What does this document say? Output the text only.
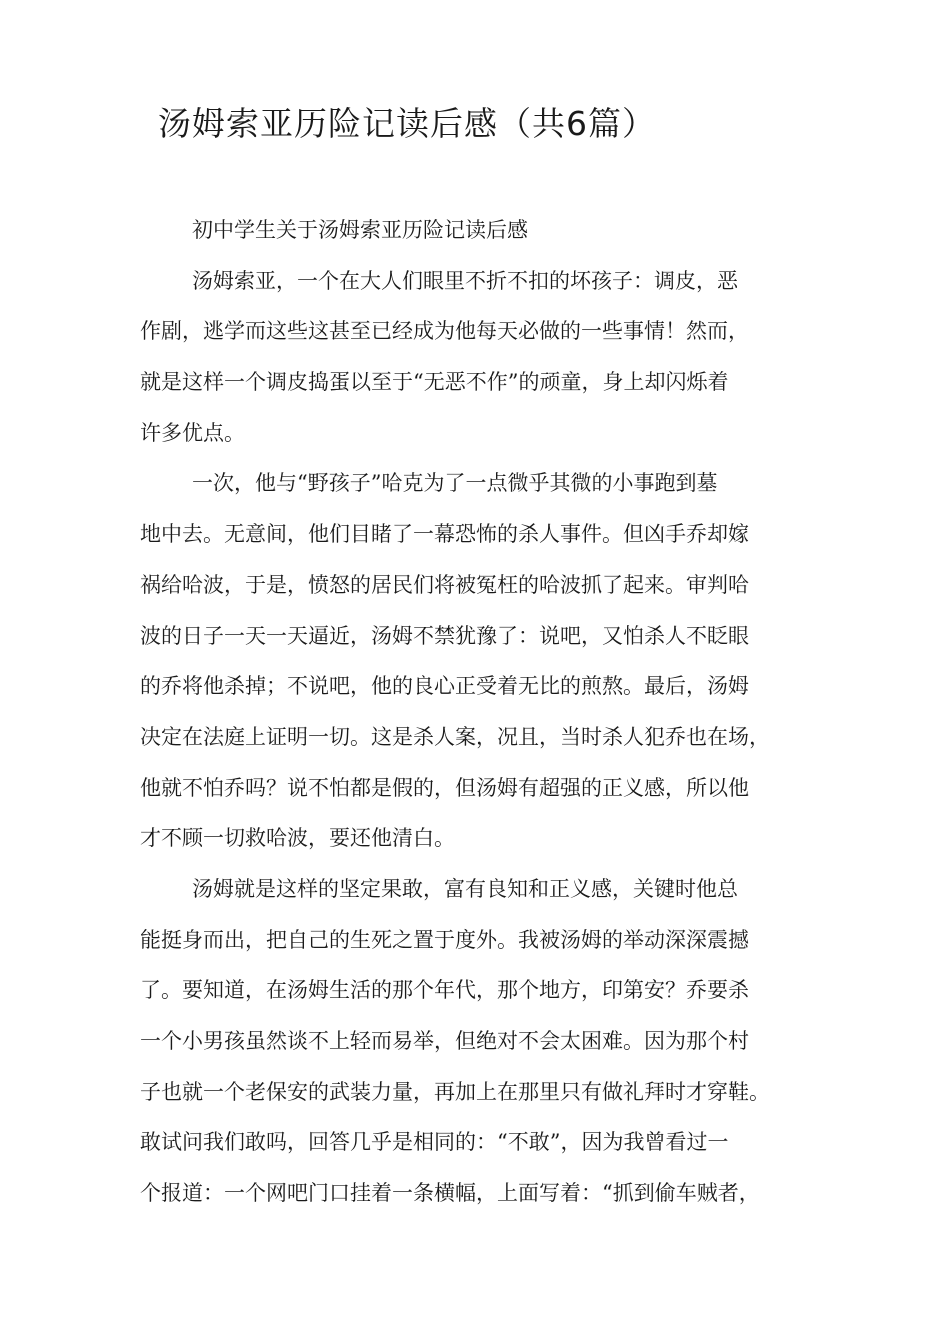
汤姆索亚历险记读后感（共6篇）
初中学生关于汤姆索亚历险记读后感
汤姆索亚，一个在大人们眼里不折不扣的坏孩子：调皮，恶
作剧，逃学而这些这甚至已经成为他每天必做的一些事情！然而，
就是这样一个调皮捣蛋以至于“无恶不作”的顽童，身上却闪烁着
许多优点。
一次，他与“野孩子”哈克为了一点微乎其微的小事跑到墓
地中去。无意间，他们目睹了一幕恐怖的杀人事件。但凶手乔却嫁
祸给哈波，于是，愤怒的居民们将被冤枉的哈波抓了起来。审判哈
波的日子一天一天逼近，汤姆不禁犹豫了：说吧，又怕杀人不眨眼
的乔将他杀掉；不说吧，他的良心正受着无比的煎熬。最后，汤姆
决定在法庭上证明一切。这是杀人案，况且，当时杀人犯乔也在场，
他就不怕乔吗？说不怕都是假的，但汤姆有超强的正义感，所以他
才不顾一切救哈波，要还他清白。
汤姆就是这样的坚定果敢，富有良知和正义感，关键时他总
能挺身而出，把自己的生死之置于度外。我被汤姆的举动深深震撼
了。要知道，在汤姆生活的那个年代，那个地方，印第安？乔要杀
一个小男孩虽然谈不上轻而易举，但绝对不会太困难。因为那个村
子也就一个老保安的武装力量，再加上在那里只有做礼拜时才穿鞋。
敢试问我们敢吗，回答几乎是相同的：“不敢”，因为我曾看过一
个报道：一个网吧门口挂着一条横幅，上面写着：“抓到偷车贼者，
